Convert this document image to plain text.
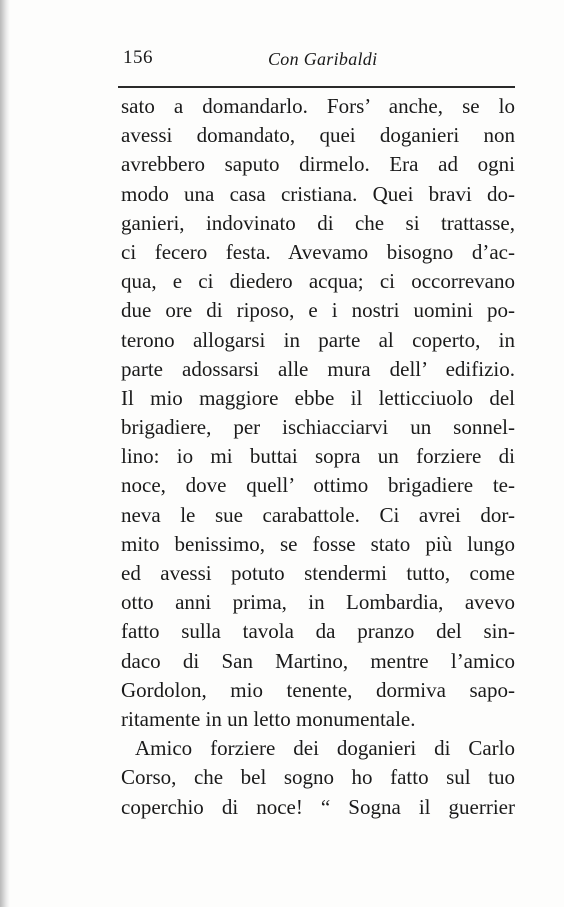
156	Con Garibaldi
sato a domandarlo. Fors’ anche, se lo
avessi domandato, quei doganieri non
avrebbero saputo dirmelo. Era ad ogni
modo una casa cristiana. Quei bravi do-
ganieri, indovinato di che si trattasse,
ci fecero festa. Avevamo bisogno d’ac-
qua, e ci diedero acqua; ci occorrevano
due ore di riposo, e i nostri uomini po-
terono allogarsi in parte al coperto, in
parte adossarsi alle mura dell’ edifizio.
Il mio maggiore ebbe il letticciuolo del
brigadiere, per ischiacciarvi un sonnel-
lino: io mi buttai sopra un forziere di
noce, dove quell’ ottimo brigadiere te-
neva le sue carabattole. Ci avrei dor-
mito benissimo, se fosse stato più lungo
ed avessi potuto stendermi tutto, come
otto anni prima, in Lombardia, avevo
fatto sulla tavola da pranzo del sin-
daco di San Martino, mentre l’amico
Gordolon, mio tenente, dormiva sapo-
ritamente in un letto monumentale.
Amico forziere dei doganieri di Carlo
Corso, che bel sogno ho fatto sul tuo
coperchio di noce! “ Sogna il guerrier
